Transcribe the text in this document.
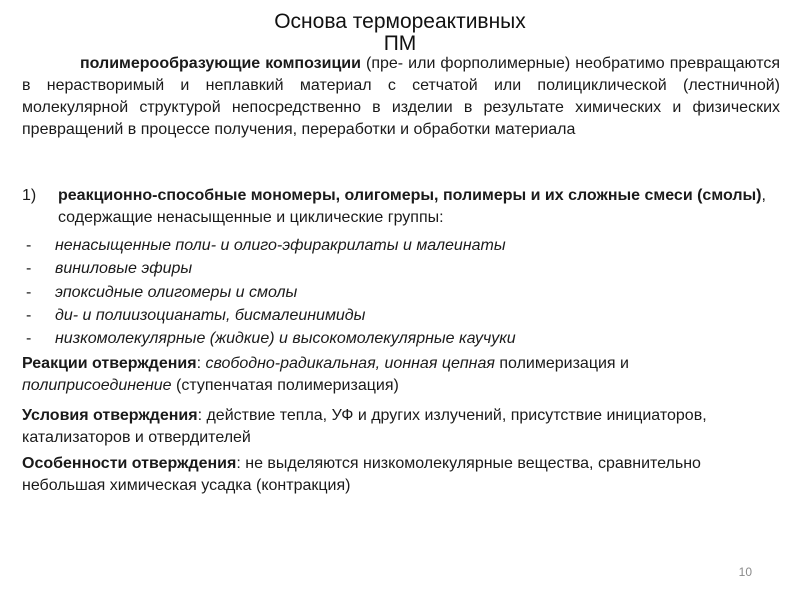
Основа термореактивных
ПМ
полимерообразующие композиции (пре- или форполимерные) необратимо превращаются в нерастворимый и неплавкий материал с сетчатой или полициклической (лестничной) молекулярной структурой непосредственно в изделии в результате химических и физических превращений в процессе получения, переработки и обработки материала
1) реакционно-способные мономеры, олигомеры, полимеры и их сложные смеси (смолы), содержащие ненасыщенные и циклические группы:
- ненасыщенные поли- и олиго-эфиракрилаты и малеинаты
- виниловые эфиры
- эпоксидные олигомеры и смолы
- ди- и полиизоцианаты, бисмалеинимиды
- низкомолекулярные (жидкие) и высокомолекулярные каучуки
Реакции отверждения: свободно-радикальная, ионная цепная полимеризация и полиприсоединение (ступенчатая полимеризация)
Условия отверждения: действие тепла, УФ и других излучений, присутствие инициаторов, катализаторов и отвердителей
Особенности отверждения: не выделяются низкомолекулярные вещества, сравнительно небольшая химическая усадка (контракция)
10
